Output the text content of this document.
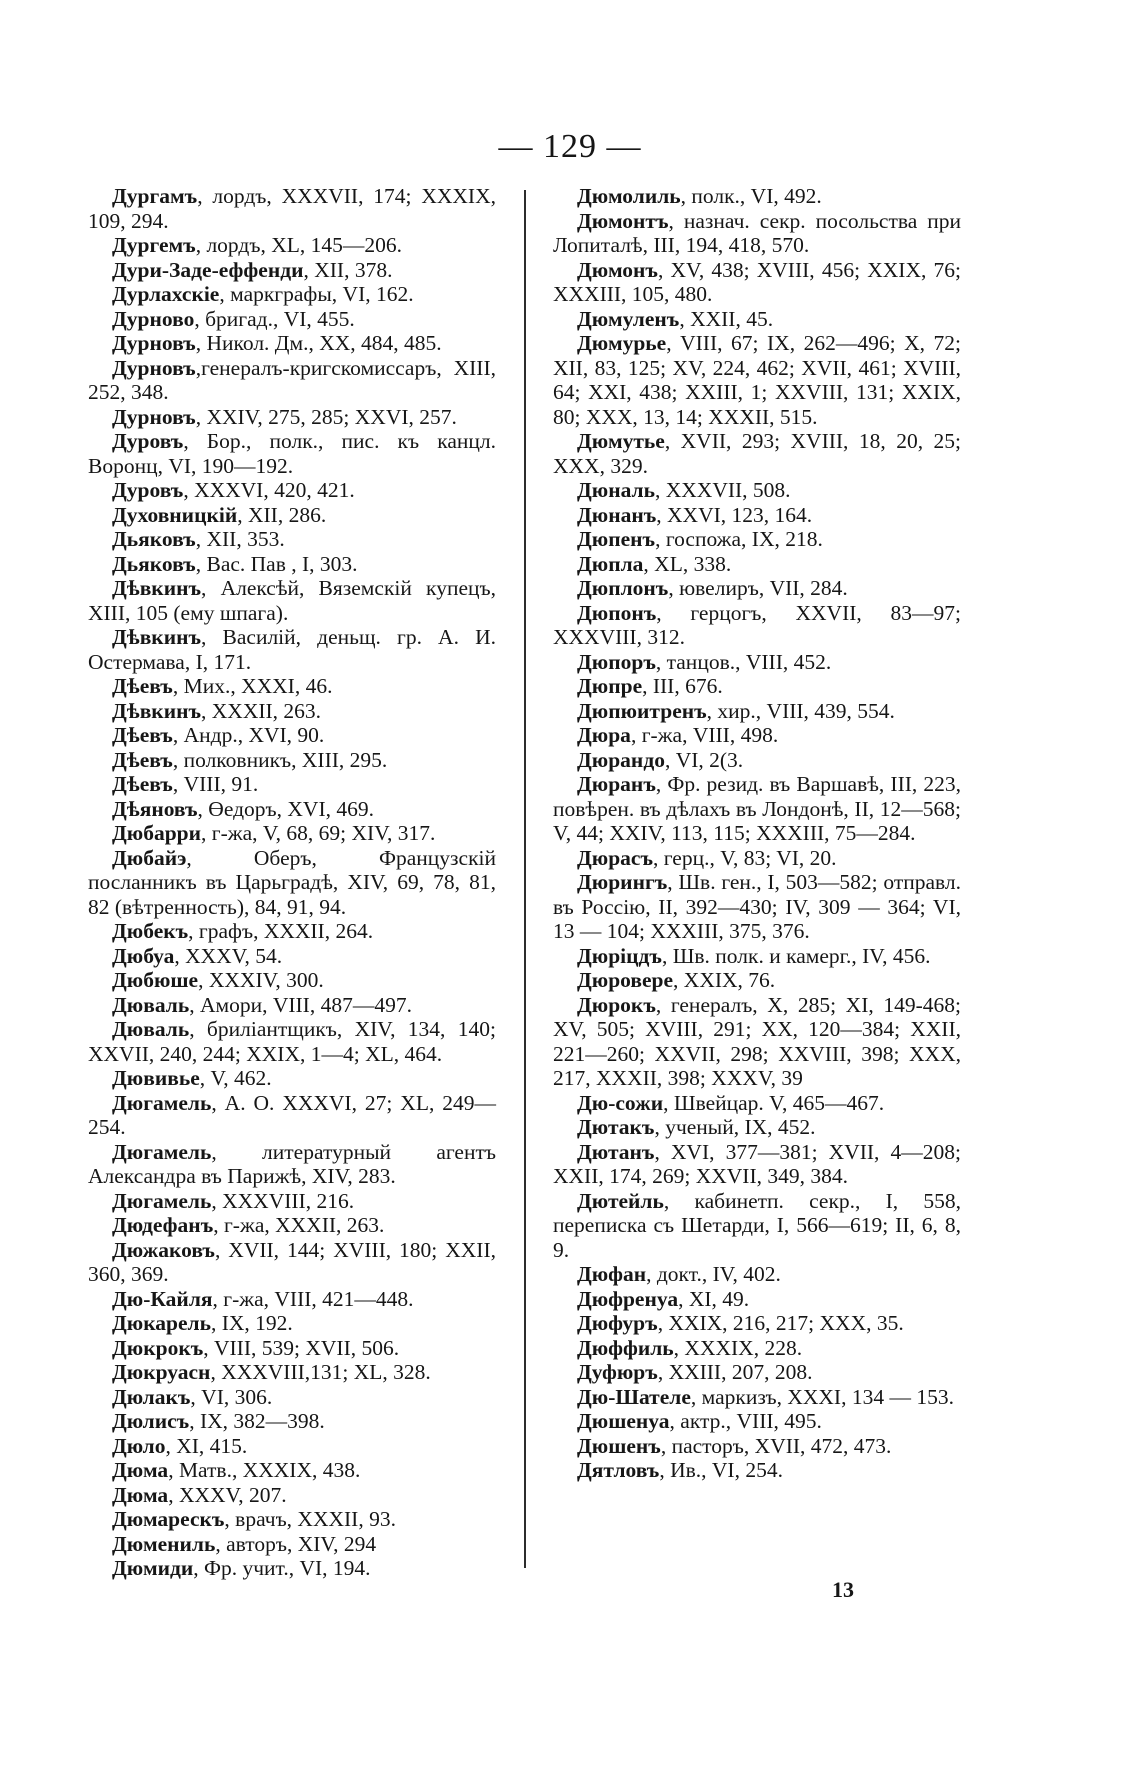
— 129 —

Дургамъ, лордъ, XXXVII, 174; XXXIX, 109, 294.

Дургемъ, лордъ, XL, 145—206.

Дури-Заде-еффенди, XII, 378.

Дурлахскіе, маркграфы, VI, 162.

Дурново, бригад., VI, 455.

Дурновъ, Никол. Дм., XX, 484, 485.

Дурновъ,генералъ-кригскомиссаръ, XIII, 252, 348.

Дурновъ, XXIV, 275, 285; XXVI, 257.

Дуровъ, Бор., полк., пис. къ канцл. Воронц, VI, 190—192.

Дуровъ, XXXVI, 420, 421.

Духовницкій, XII, 286.

Дьяковъ, XII, 353.

Дьяковъ, Вас. Пав , I, 303.

Дѣвкинъ, Алексѣй, Вяземскій купецъ, XIII, 105 (ему шпага).

Дѣвкинъ, Василій, деньщ. гр. А. И. Остермава, I, 171.

Дѣевъ, Мих., XXXI, 46.

Дѣвкинъ, XXXII, 263.

Дѣевъ, Андр., XVI, 90.

Дѣевъ, полковникъ, XIII, 295.

Дѣевъ, VIII, 91.

Дѣяновъ, Өедоръ, XVI, 469.

Дюбарри, г-жа, V, 68, 69; XIV, 317.

Дюбайэ, Оберъ, Французскій посланникъ въ Царьградѣ, XIV, 69, 78, 81, 82 (вѣтренность), 84, 91, 94.

Дюбекъ, графъ, XXXII, 264.

Дюбуа, XXXV, 54.

Дюбюше, XXXIV, 300.

Дюваль, Амори, VIII, 487—497.

Дюваль, бриліантщикъ, XIV, 134, 140; XXVII, 240, 244; XXIX, 1—4; XL, 464.

Дювивье, V, 462.

Дюгамель, А. О. XXXVI, 27; XL, 249—254.

Дюгамель, литературный агентъ Александра въ Парижѣ, XIV, 283.

Дюгамель, XXXVIII, 216.

Дюдефанъ, г-жа, XXXII, 263.

Дюжаковъ, XVII, 144; XVIII, 180; XXII, 360, 369.

Дю-Кайля, г-жа, VIII, 421—448.

Дюкарель, IX, 192.

Дюкрокъ, VIII, 539; XVII, 506.

Дюкруасн, XXXVIII,131; XL, 328.

Дюлакъ, VI, 306.

Дюлисъ, IX, 382—398.

Дюло, XI, 415.

Дюма, Матв., XXXIX, 438.

Дюма, XXXV, 207.

Дюмарескъ, врачъ, XXXII, 93.

Дюмениль, авторъ, XIV, 294

Дюмиди, Фр. учит., VI, 194.

Дюмолиль, полк., VI, 492.

Дюмонтъ, назнач. секр. посольства при Лопиталѣ, III, 194, 418, 570.

Дюмонъ, XV, 438; XVIII, 456; XXIX, 76; XXXIII, 105, 480.

Дюмуленъ, XXII, 45.

Дюмурье, VIII, 67; IX, 262—496; X, 72; XII, 83, 125; XV, 224, 462; XVII, 461; XVIII, 64; XXI, 438; XXIII, 1; XXVIII, 131; XXIX, 80; XXX, 13, 14; XXXII, 515.

Дюмутье, XVII, 293; XVIII, 18, 20, 25; XXX, 329.

Дюналь, XXXVII, 508.

Дюнанъ, XXVI, 123, 164.

Дюпенъ, госпожа, IX, 218.

Дюпла, XL, 338.

Дюплонъ, ювелиръ, VII, 284.

Дюпонъ, герцогъ, XXVII, 83—97; XXXVIII, 312.

Дюпоръ, танцов., VIII, 452.

Дюпре, III, 676.

Дюпюитренъ, хир., VIII, 439, 554.

Дюра, г-жа, VIII, 498.

Дюрандо, VI, 2(3.

Дюранъ, Фр. резид. въ Варшавѣ, III, 223, повѣрен. въ дѣлахъ въ Лондонѣ, II, 12—568; V, 44; XXIV, 113, 115; XXXIII, 75—284.

Дюрасъ, герц., V, 83; VI, 20.

Дюрингъ, Шв. ген., I, 503—582; отправл. въ Россію, II, 392—430; IV, 309 — 364; VI, 13 — 104; XXXIII, 375, 376.

Дюріцдъ, Шв. полк. и камерг., IV, 456.

Дюровере, XXIX, 76.

Дюрокъ, генералъ, X, 285; XI, 149-468; XV, 505; XVIII, 291; XX, 120—384; XXII, 221—260; XXVII, 298; XXVIII, 398; XXX, 217, XXXII, 398; XXXV, 39

Дю-сожи, Швейцар. V, 465—467.

Дютакъ, ученый, IX, 452.

Дютанъ, XVI, 377—381; XVII, 4—208; XXII, 174, 269; XXVII, 349, 384.

Дютейль, кабинетп. секр., I, 558, переписка съ Шетарди, I, 566—619; II, 6, 8, 9.

Дюфан, докт., IV, 402.

Дюфренуа, XI, 49.

Дюфуръ, XXIX, 216, 217; XXX, 35.

Дюффиль, XXXIX, 228.

Дуфюръ, XXIII, 207, 208.

Дю-Шателе, маркизъ, XXXI, 134 — 153.

Дюшенуа, актр., VIII, 495.

Дюшенъ, пасторъ, XVII, 472, 473.

Дятловъ, Ив., VI, 254.

13
